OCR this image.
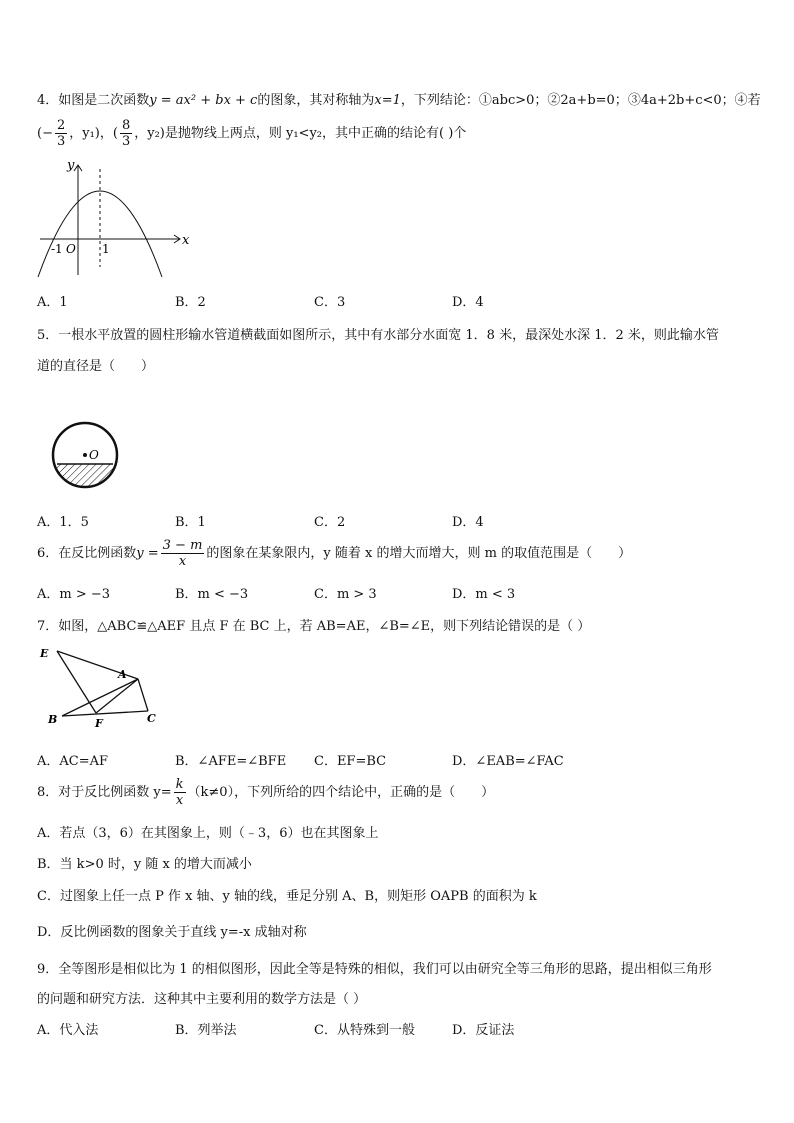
4．如图是二次函数y = ax² + bx + c的图象，其对称轴为x=1，下列结论：①abc>0；②2a+b=0；③4a+2b+c<0；④若
(− $\frac{2}{3}$ ，y₁)，( $\frac{8}{3}$ ，y₂)是抛物线上两点，则 y₁<y₂，其中正确的结论有( )个
x
y
-1 O 1
A．1	B．2	C．3	D．4
5．一根水平放置的圆柱形输水管道横截面如图所示，其中有水部分水面宽 1．8 米，最深处水深 1．2 米，则此输水管
道的直径是（　　）
O
A．1．5	B．1	C．2	D．4
6．在反比例函数$y = \frac{3 - m}{x}$ 的图象在某象限内，y 随着 x 的增大而增大，则 m 的取值范围是（　　）
A．m > −3	B．m < −3	C．m > 3	D．m < 3
7．如图，△ABC≌△AEF 且点 F 在 BC 上，若 AB=AE，∠B=∠E，则下列结论错误的是（ ）
E
A
B	F	C
A．AC=AF	B．∠AFE=∠BFE C．EF=BC	D．∠EAB=∠FAC
8．对于反比例函数 $y= \frac{k}{x} (k\ne 0)$，下列所给的四个结论中，正确的是（　　）
A．若点（3，6）在其图象上，则（﹣3，6）也在其图象上
B．当 k>0 时，y 随 x 的增大而减小
C．过图象上任一点 P 作 x 轴、y 轴的线，垂足分别 A、B，则矩形 OAPB 的面积为 k
D．反比例函数的图象关于直线 y=-x 成轴对称
9．全等图形是相似比为 1 的相似图形，因此全等是特殊的相似，我们可以由研究全等三角形的思路，提出相似三角形
的问题和研究方法．这种其中主要利用的数学方法是（ ）
A．代入法	B．列举法	C．从特殊到一般	D．反证法
